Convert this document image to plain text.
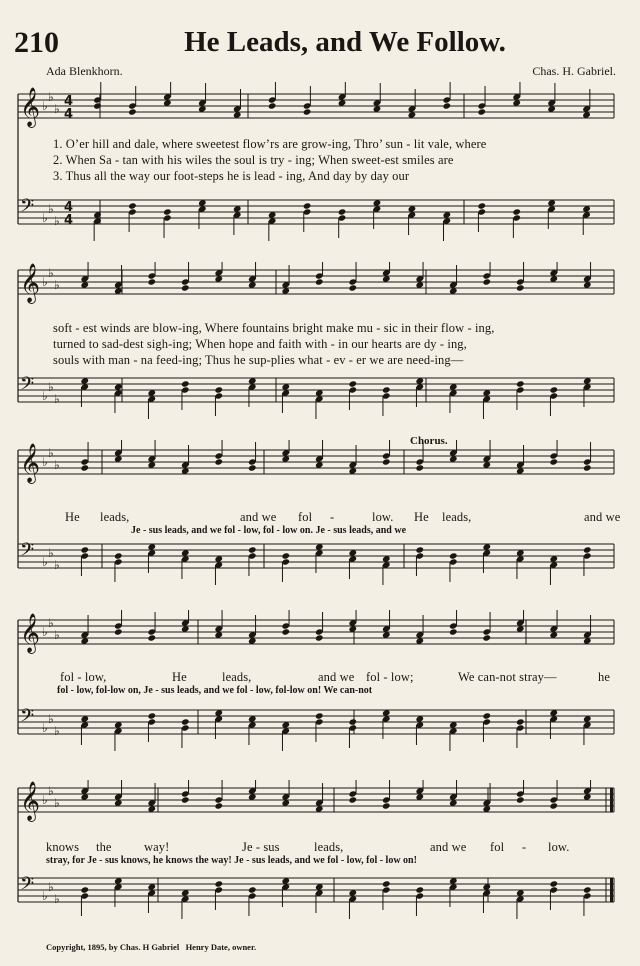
210	He Leads, and We Follow.
Ada Blenkhorn.	Chas. H. Gabriel.
𝄞 ♭
♭
♭ 4
4
𝄢 ♭
♭
♭
4
4
1. O’er hill and dale, where sweetest flow’rs are grow-ing, Thro’ sun - lit vale, where
2. When Sa - tan with his wiles the soul is try - ing; When sweet-est smiles are
3. Thus all the way our foot-steps he is lead - ing, And day by day our
𝄞 ♭
♭
♭
𝄢 ♭
♭
♭
soft - est winds are blow-ing, Where fountains bright make mu - sic in their flow - ing,
turned to sad-dest sigh-ing; When hope and faith with - in our hearts are dy - ing,
souls with man - na feed-ing; Thus he sup-plies what - ev - er we are need-ing—
Chorus.
𝄞 ♭
♭
♭
𝄢 ♭
♭
♭
He leads,	and we fol -	low. He leads,	and we
Je - sus leads, and we fol - low, fol - low on. Je - sus leads, and we
𝄞 ♭
♭
♭
𝄢 ♭
♭
♭
fol - low,	He	leads,	and we fol - low;	We can-not stray—	he
fol - low, fol-low on, Je - sus leads, and we fol - low, fol-low on! We can-not
𝄞 ♭
♭
♭
𝄢 ♭
♭
♭
knows the	way!	Je - sus	leads,	and we fol - low.
stray, for Je - sus knows, he knows the way! Je - sus leads, and we fol - low, fol - low on!
Copyright, 1895, by Chas. H Gabriel Henry Date, owner.
